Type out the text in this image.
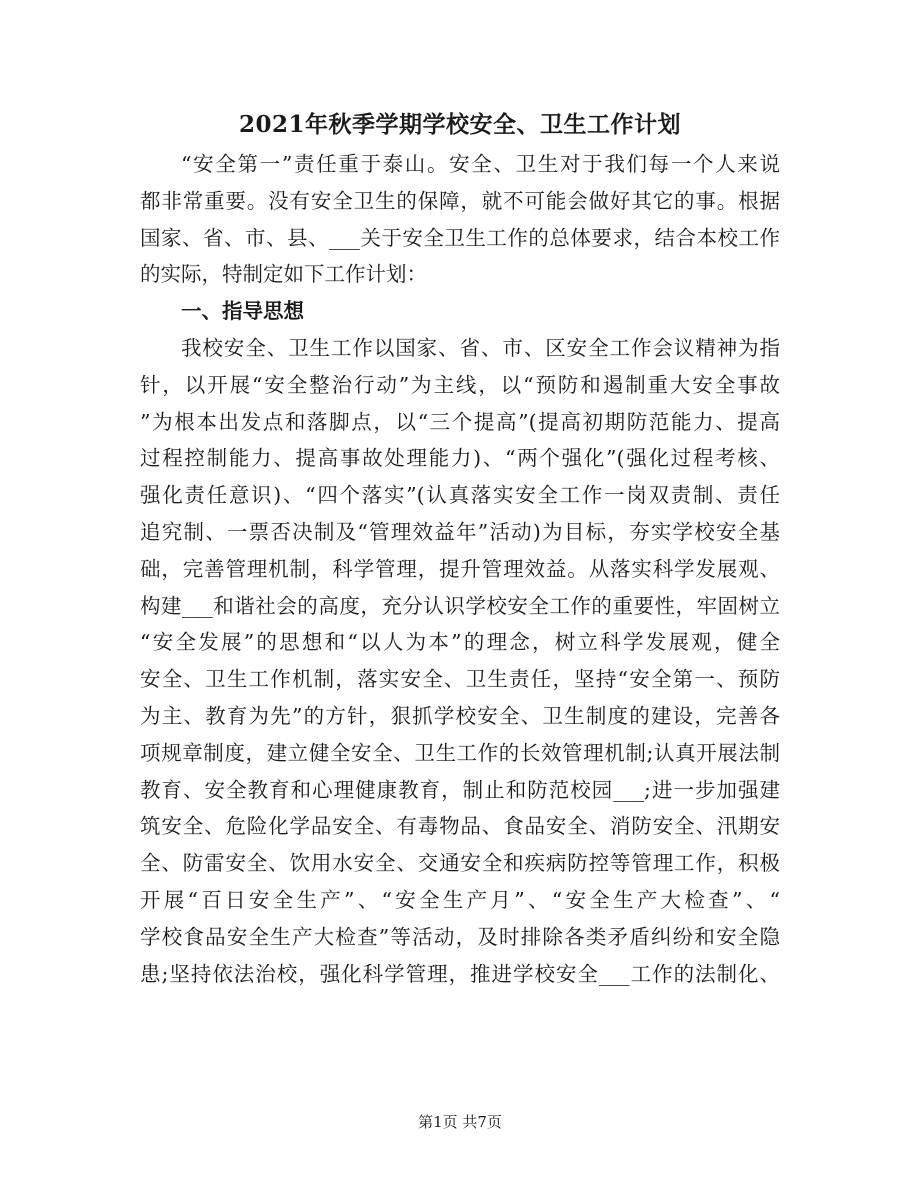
2021年秋季学期学校安全、卫生工作计划
“安全第一”责任重于泰山。安全、卫生对于我们每一个人来说
都非常重要。没有安全卫生的保障，就不可能会做好其它的事。根据
国家、省、市、县、___关于安全卫生工作的总体要求，结合本校工作
的实际，特制定如下工作计划：
一、指导思想
我校安全、卫生工作以国家、省、市、区安全工作会议精神为指
针，以开展“安全整治行动”为主线，以“预防和遏制重大安全事故
”为根本出发点和落脚点，以“三个提高”(提高初期防范能力、提高
过程控制能力、提高事故处理能力)、“两个强化”(强化过程考核、
强化责任意识)、“四个落实”(认真落实安全工作一岗双责制、责任
追究制、一票否决制及“管理效益年”活动)为目标，夯实学校安全基
础，完善管理机制，科学管理，提升管理效益。从落实科学发展观、
构建___和谐社会的高度，充分认识学校安全工作的重要性，牢固树立
“安全发展”的思想和“以人为本”的理念，树立科学发展观，健全
安全、卫生工作机制，落实安全、卫生责任，坚持“安全第一、预防
为主、教育为先”的方针，狠抓学校安全、卫生制度的建设，完善各
项规章制度，建立健全安全、卫生工作的长效管理机制;认真开展法制
教育、安全教育和心理健康教育，制止和防范校园___;进一步加强建
筑安全、危险化学品安全、有毒物品、食品安全、消防安全、汛期安
全、防雷安全、饮用水安全、交通安全和疾病防控等管理工作，积极
开展“百日安全生产”、“安全生产月”、“安全生产大检查”、“
学校食品安全生产大检查”等活动，及时排除各类矛盾纠纷和安全隐
患;坚持依法治校，强化科学管理，推进学校安全___工作的法制化、
第1页 共7页
